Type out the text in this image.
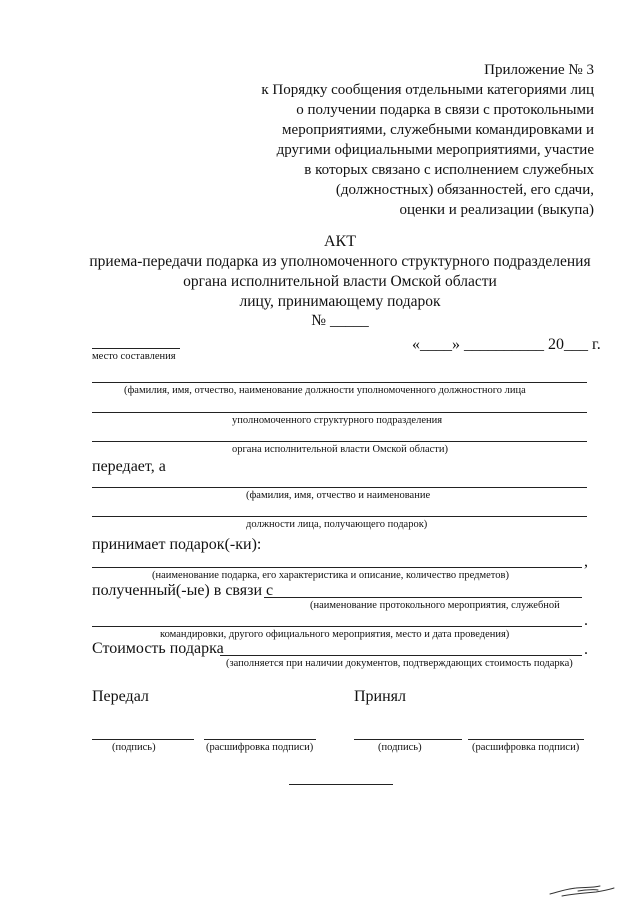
Приложение № 3
к Порядку сообщения отдельными категориями лиц
о получении подарка в связи с протокольными
мероприятиями, служебными командировками и
другими официальными мероприятиями, участие
в которых связано с исполнением служебных
(должностных) обязанностей, его сдачи,
оценки и реализации (выкупа)
АКТ
приема-передачи подарка из уполномоченного структурного подразделения
органа исполнительной власти Омской области
лицу, принимающему подарок
№ _____
место составления
«____» __________ 20___ г.
(фамилия, имя, отчество, наименование должности уполномоченного должностного лица
уполномоченного структурного подразделения
органа исполнительной власти Омской области)
передает, а
(фамилия, имя, отчество и наименование
должности лица, получающего подарок)
принимает подарок(-ки):
,
(наименование подарка, его характеристика и описание, количество предметов)
полученный(-ые) в связи с
(наименование протокольного мероприятия, служебной
.
командировки, другого официального мероприятия, место и дата проведения)
Стоимость подарка	.
(заполняется при наличии документов, подтверждающих стоимость подарка)
Передал	Принял
(подпись)	(расшифровка подписи)	(подпись)	(расшифровка подписи)
